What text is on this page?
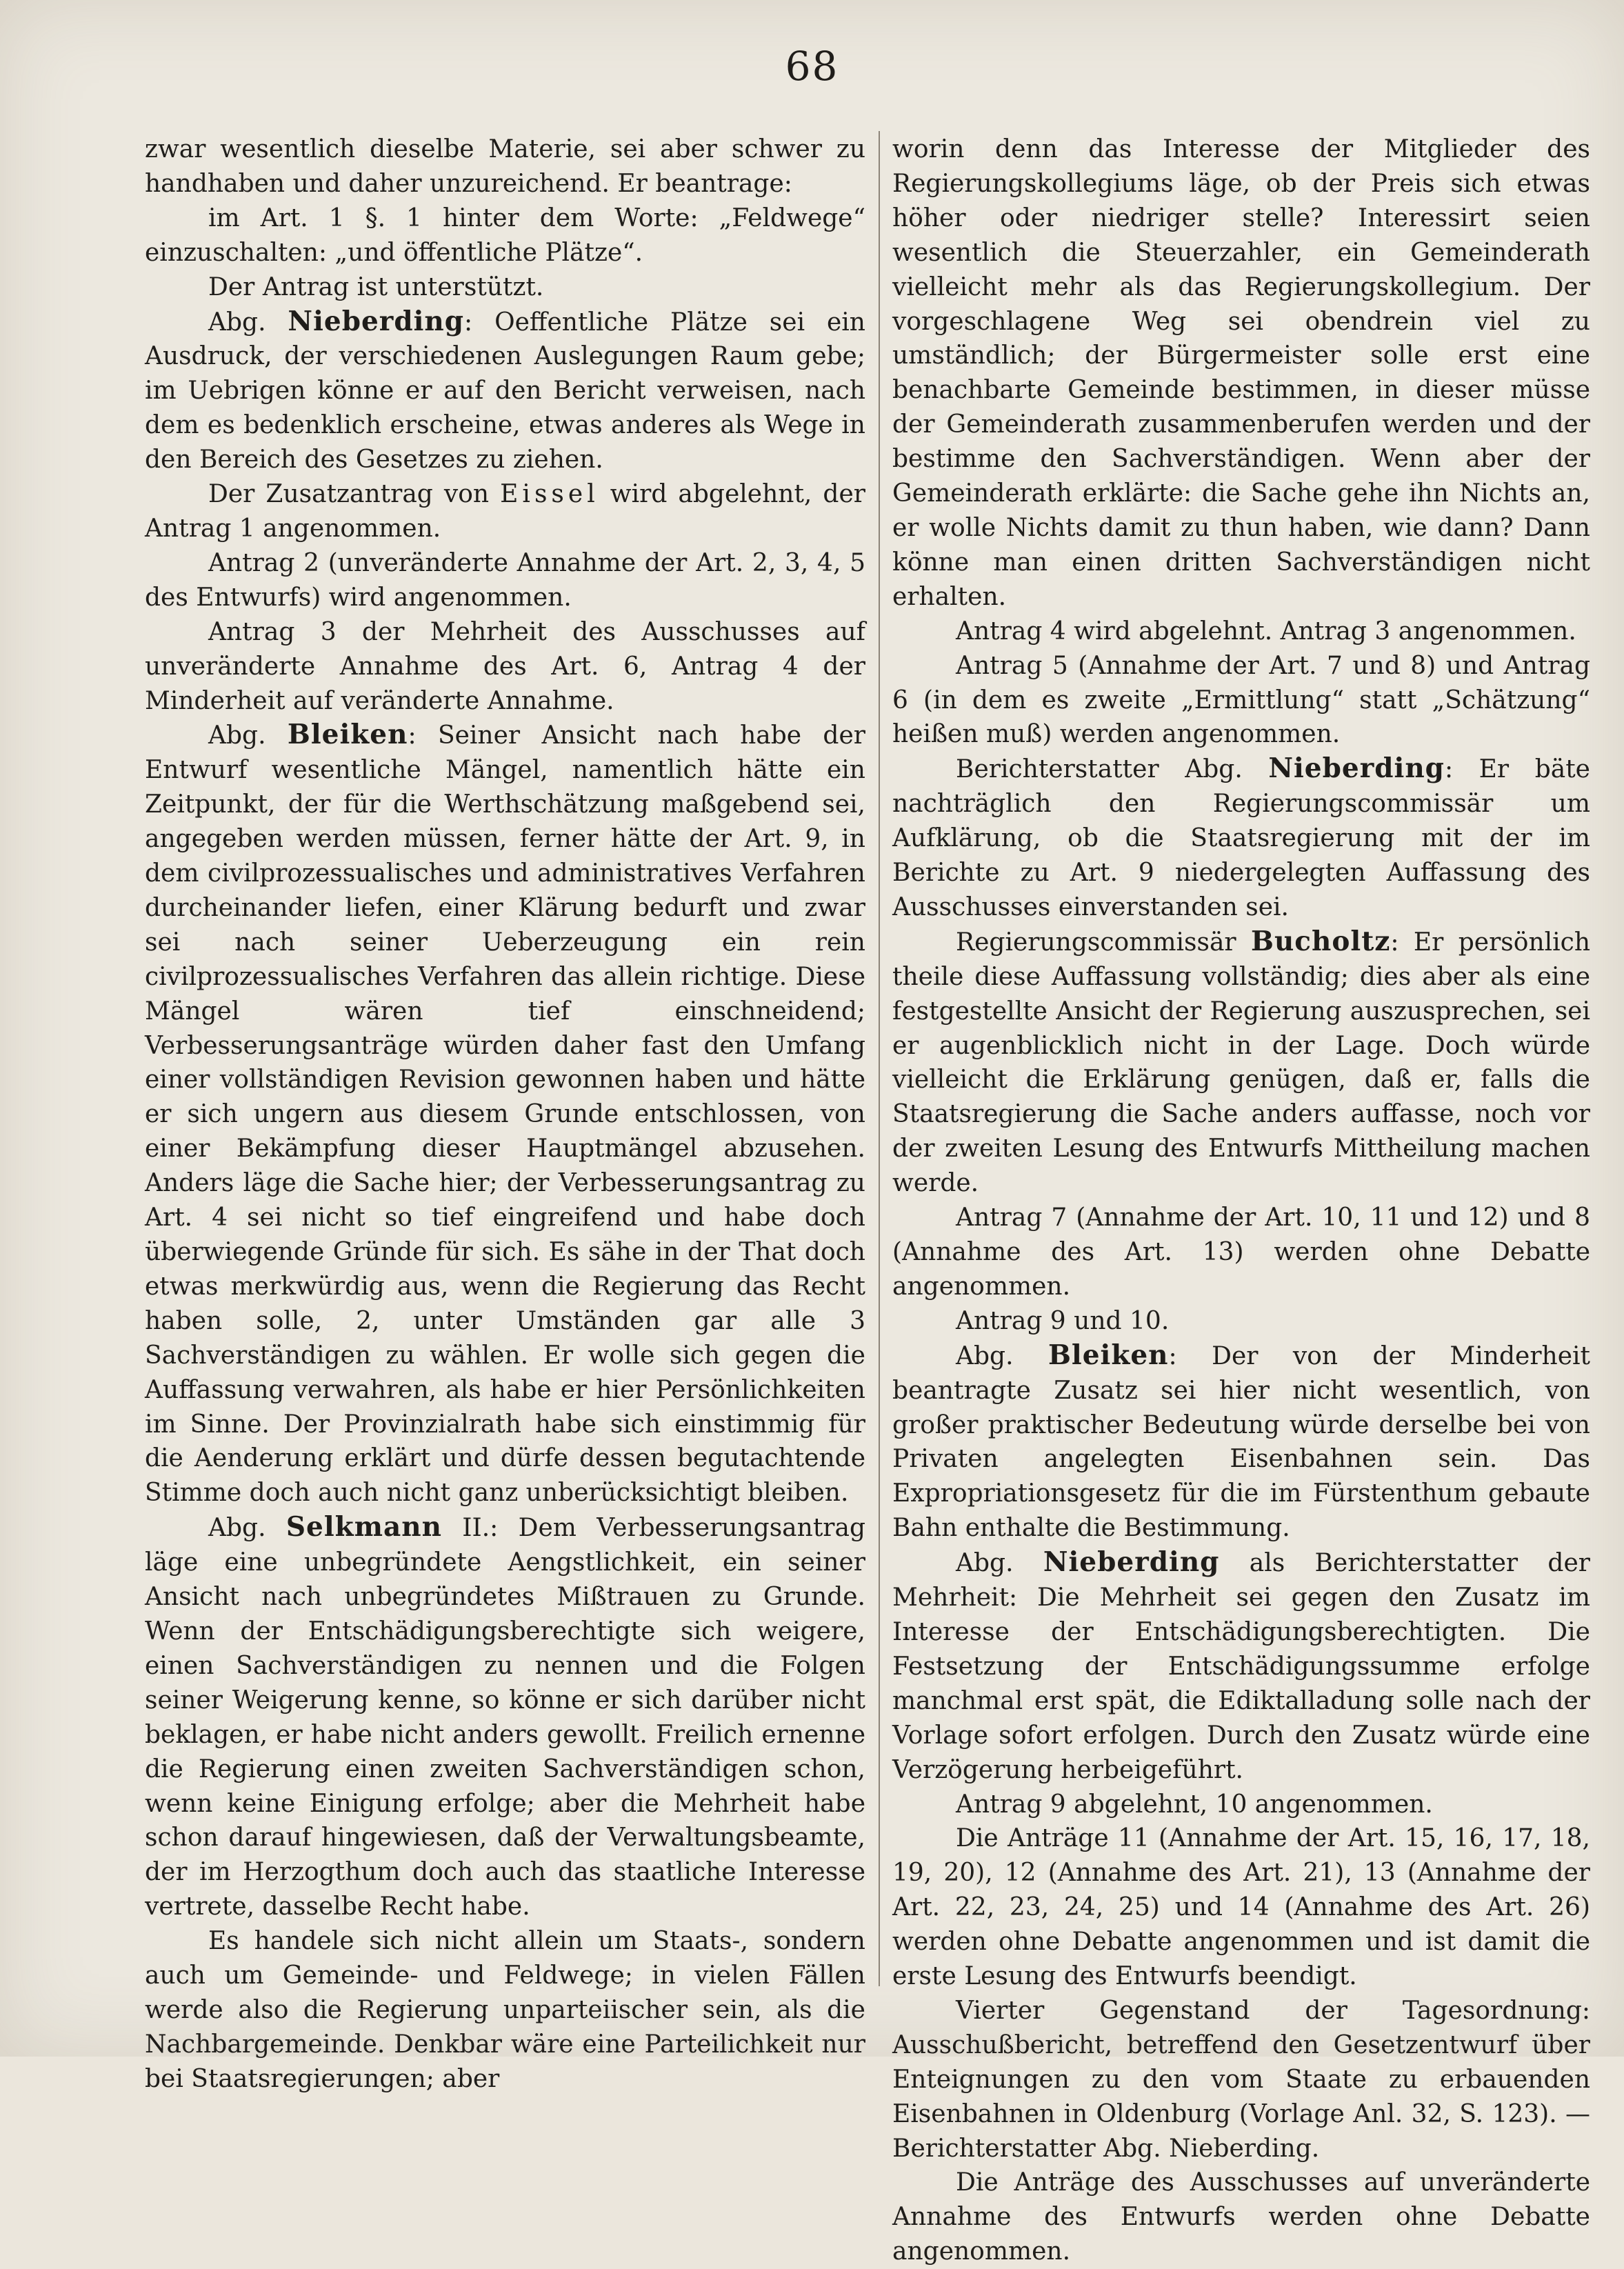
68

zwar wesentlich dieselbe Materie, sei aber schwer zu handhaben und daher unzureichend. Er beantrage:

im Art. 1 §. 1 hinter dem Worte: „Feldwege“ einzuschalten: „und öffentliche Plätze“.

Der Antrag ist unterstützt.

Abg. Nieberding: Oeffentliche Plätze sei ein Ausdruck, der verschiedenen Auslegungen Raum gebe; im Uebrigen könne er auf den Bericht verweisen, nach dem es bedenklich erscheine, etwas anderes als Wege in den Bereich des Gesetzes zu ziehen.

Der Zusatzantrag von Eissel wird abgelehnt, der Antrag 1 angenommen.

Antrag 2 (unveränderte Annahme der Art. 2, 3, 4, 5 des Entwurfs) wird angenommen.

Antrag 3 der Mehrheit des Ausschusses auf unveränderte Annahme des Art. 6, Antrag 4 der Minderheit auf veränderte Annahme.

Abg. Bleiken: Seiner Ansicht nach habe der Entwurf wesentliche Mängel, namentlich hätte ein Zeitpunkt, der für die Werthschätzung maßgebend sei, angegeben werden müssen, ferner hätte der Art. 9, in dem civilprozessualisches und administratives Verfahren durcheinander liefen, einer Klärung bedurft und zwar sei nach seiner Ueberzeugung ein rein civilprozessualisches Verfahren das allein richtige. Diese Mängel wären tief einschneidend; Verbesserungsanträge würden daher fast den Umfang einer vollständigen Revision gewonnen haben und hätte er sich ungern aus diesem Grunde entschlossen, von einer Bekämpfung dieser Hauptmängel abzusehen. Anders läge die Sache hier; der Verbesserungsantrag zu Art. 4 sei nicht so tief eingreifend und habe doch überwiegende Gründe für sich. Es sähe in der That doch etwas merkwürdig aus, wenn die Regierung das Recht haben solle, 2, unter Umständen gar alle 3 Sachverständigen zu wählen. Er wolle sich gegen die Auffassung verwahren, als habe er hier Persönlichkeiten im Sinne. Der Provinzialrath habe sich einstimmig für die Aenderung erklärt und dürfe dessen begutachtende Stimme doch auch nicht ganz unberücksichtigt bleiben.

Abg. Selkmann II.: Dem Verbesserungsantrag läge eine unbegründete Aengstlichkeit, ein seiner Ansicht nach unbegründetes Mißtrauen zu Grunde. Wenn der Entschädigungsberechtigte sich weigere, einen Sachverständigen zu nennen und die Folgen seiner Weigerung kenne, so könne er sich darüber nicht beklagen, er habe nicht anders gewollt. Freilich ernenne die Regierung einen zweiten Sachverständigen schon, wenn keine Einigung erfolge; aber die Mehrheit habe schon darauf hingewiesen, daß der Verwaltungsbeamte, der im Herzogthum doch auch das staatliche Interesse vertrete, dasselbe Recht habe.

Es handele sich nicht allein um Staats-, sondern auch um Gemeinde- und Feldwege; in vielen Fällen werde also die Regierung unparteiischer sein, als die Nachbargemeinde. Denkbar wäre eine Parteilichkeit nur bei Staatsregierungen; aber

worin denn das Interesse der Mitglieder des Regierungskollegiums läge, ob der Preis sich etwas höher oder niedriger stelle? Interessirt seien wesentlich die Steuerzahler, ein Gemeinderath vielleicht mehr als das Regierungskollegium. Der vorgeschlagene Weg sei obendrein viel zu umständlich; der Bürgermeister solle erst eine benachbarte Gemeinde bestimmen, in dieser müsse der Gemeinderath zusammenberufen werden und der bestimme den Sachverständigen. Wenn aber der Gemeinderath erklärte: die Sache gehe ihn Nichts an, er wolle Nichts damit zu thun haben, wie dann? Dann könne man einen dritten Sachverständigen nicht erhalten.

Antrag 4 wird abgelehnt. Antrag 3 angenommen.

Antrag 5 (Annahme der Art. 7 und 8) und Antrag 6 (in dem es zweite „Ermittlung“ statt „Schätzung“ heißen muß) werden angenommen.

Berichterstatter Abg. Nieberding: Er bäte nachträglich den Regierungscommissär um Aufklärung, ob die Staatsregierung mit der im Berichte zu Art. 9 niedergelegten Auffassung des Ausschusses einverstanden sei.

Regierungscommissär Bucholtz: Er persönlich theile diese Auffassung vollständig; dies aber als eine festgestellte Ansicht der Regierung auszusprechen, sei er augenblicklich nicht in der Lage. Doch würde vielleicht die Erklärung genügen, daß er, falls die Staatsregierung die Sache anders auffasse, noch vor der zweiten Lesung des Entwurfs Mittheilung machen werde.

Antrag 7 (Annahme der Art. 10, 11 und 12) und 8 (Annahme des Art. 13) werden ohne Debatte angenommen.

Antrag 9 und 10.

Abg. Bleiken: Der von der Minderheit beantragte Zusatz sei hier nicht wesentlich, von großer praktischer Bedeutung würde derselbe bei von Privaten angelegten Eisenbahnen sein. Das Expropriationsgesetz für die im Fürstenthum gebaute Bahn enthalte die Bestimmung.

Abg. Nieberding als Berichterstatter der Mehrheit: Die Mehrheit sei gegen den Zusatz im Interesse der Entschädigungsberechtigten. Die Festsetzung der Entschädigungssumme erfolge manchmal erst spät, die Ediktalladung solle nach der Vorlage sofort erfolgen. Durch den Zusatz würde eine Verzögerung herbeigeführt.

Antrag 9 abgelehnt, 10 angenommen.

Die Anträge 11 (Annahme der Art. 15, 16, 17, 18, 19, 20), 12 (Annahme des Art. 21), 13 (Annahme der Art. 22, 23, 24, 25) und 14 (Annahme des Art. 26) werden ohne Debatte angenommen und ist damit die erste Lesung des Entwurfs beendigt.

Vierter Gegenstand der Tagesordnung: Ausschußbericht, betreffend den Gesetzentwurf über Enteignungen zu den vom Staate zu erbauenden Eisenbahnen in Oldenburg (Vorlage Anl. 32, S. 123). — Berichterstatter Abg. Nieberding.

Die Anträge des Ausschusses auf unveränderte Annahme des Entwurfs werden ohne Debatte angenommen.
